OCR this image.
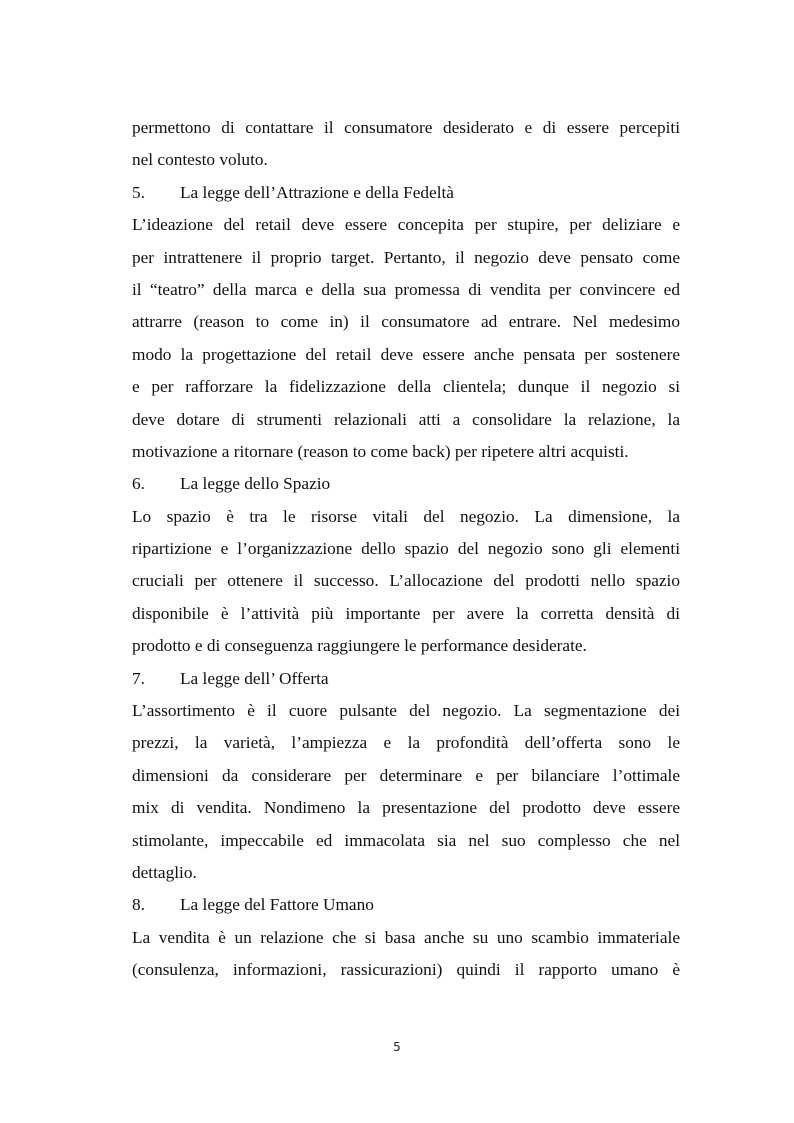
permettono di contattare il consumatore desiderato e di essere percepiti
nel contesto voluto.
5. La legge dell’Attrazione e della Fedeltà
L’ideazione del retail deve essere concepita per stupire, per deliziare e
per intrattenere il proprio target. Pertanto, il negozio deve pensato come
il “teatro” della marca e della sua promessa di vendita per convincere ed
attrarre (reason to come in) il consumatore ad entrare. Nel medesimo
modo la progettazione del retail deve essere anche pensata per sostenere
e per rafforzare la fidelizzazione della clientela; dunque il negozio si
deve dotare di strumenti relazionali atti a consolidare la relazione, la
motivazione a ritornare (reason to come back) per ripetere altri acquisti.
6. La legge dello Spazio
Lo spazio è tra le risorse vitali del negozio. La dimensione, la
ripartizione e l’organizzazione dello spazio del negozio sono gli elementi
cruciali per ottenere il successo. L’allocazione del prodotti nello spazio
disponibile è l’attività più importante per avere la corretta densità di
prodotto e di conseguenza raggiungere le performance desiderate.
7. La legge dell’ Offerta
L’assortimento è il cuore pulsante del negozio. La segmentazione dei
prezzi, la varietà, l’ampiezza e la profondità dell’offerta sono le
dimensioni da considerare per determinare e per bilanciare l’ottimale
mix di vendita. Nondimeno la presentazione del prodotto deve essere
stimolante, impeccabile ed immacolata sia nel suo complesso che nel
dettaglio.
8. La legge del Fattore Umano
La vendita è un relazione che si basa anche su uno scambio immateriale
(consulenza, informazioni, rassicurazioni) quindi il rapporto umano è
5
